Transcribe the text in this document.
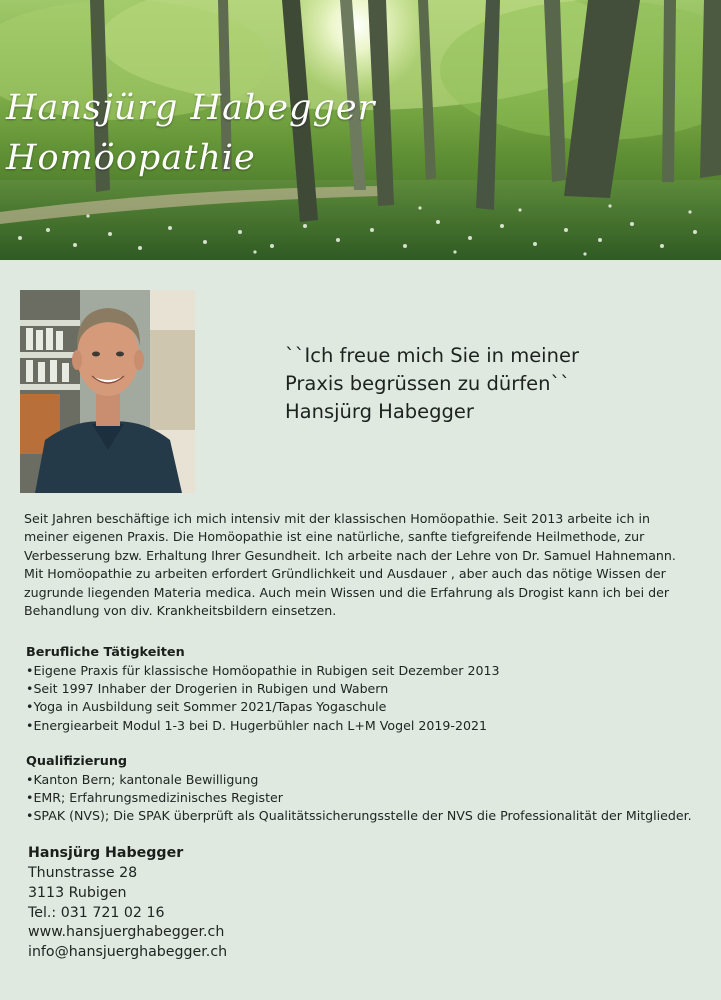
Hansjürg Habegger
Homöopathie
``Ich freue mich Sie in meiner
Praxis begrüssen zu dürfen``
Hansjürg Habegger

Seit Jahren beschäftige ich mich intensiv mit der klassischen Homöopathie. Seit 2013 arbeite ich in meiner eigenen Praxis. Die Homöopathie ist eine natürliche, sanfte tiefgreifende Heilmethode, zur Verbesserung bzw. Erhaltung Ihrer Gesundheit. Ich arbeite nach der Lehre von Dr. Samuel Hahnemann. Mit Homöopathie zu arbeiten erfordert Gründlichkeit und Ausdauer , aber auch das nötige Wissen der zugrunde liegenden Materia medica. Auch mein Wissen und die Erfahrung als Drogist kann ich bei der Behandlung von div. Krankheitsbildern einsetzen.

Berufliche Tätigkeiten
• Eigene Praxis für klassische Homöopathie in Rubigen seit Dezember 2013
• Seit 1997 Inhaber der Drogerien in Rubigen und Wabern
• Yoga in Ausbildung seit Sommer 2021/Tapas Yogaschule
• Energiearbeit Modul 1-3 bei D. Hugerbühler nach L+M Vogel 2019-2021
Qualifizierung
• Kanton Bern; kantonale Bewilligung
• EMR; Erfahrungsmedizinisches Register
• SPAK (NVS); Die SPAK überprüft als Qualitätssicherungsstelle der NVS die Professionalität der Mitglieder.
Hansjürg Habegger
Thunstrasse 28
3113 Rubigen
Tel.: 031 721 02 16
www.hansjuerghabegger.ch
info@hansjuerghabegger.ch
